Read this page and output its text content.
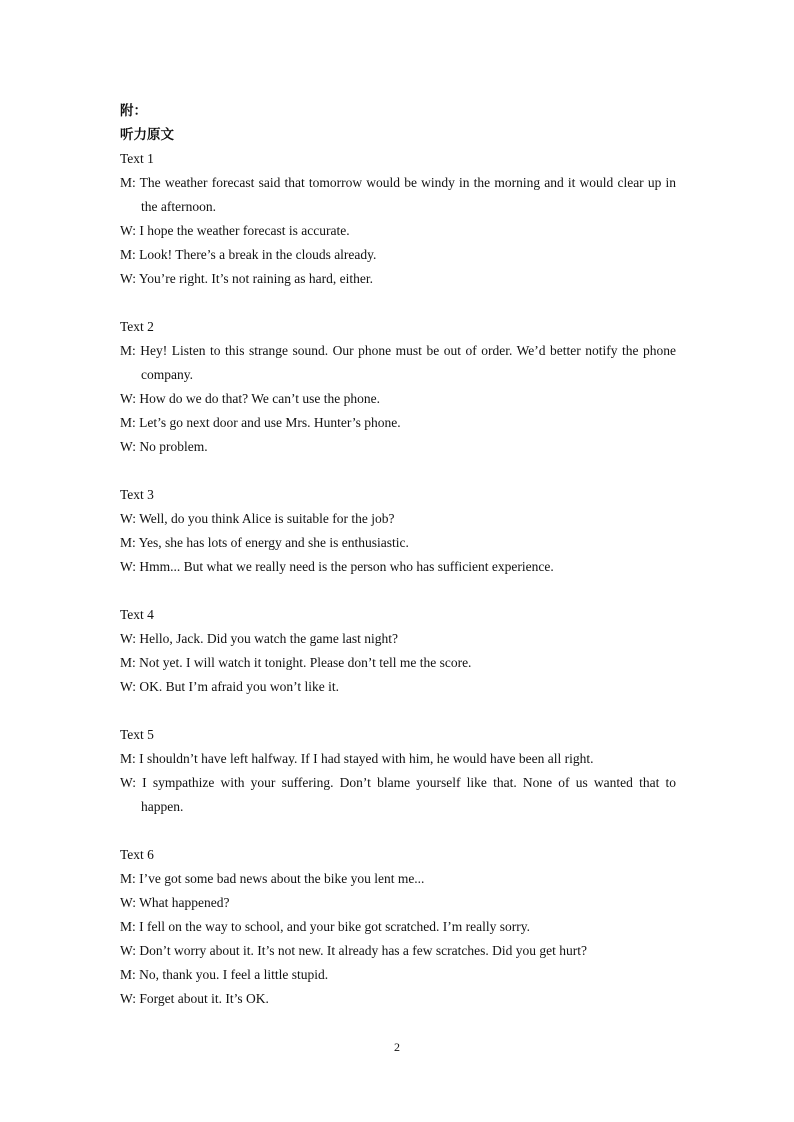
附：
听力原文
Text 1
M: The weather forecast said that tomorrow would be windy in the morning and it would clear up in the afternoon.
W: I hope the weather forecast is accurate.
M: Look! There’s a break in the clouds already.
W: You’re right. It’s not raining as hard, either.
Text 2
M: Hey! Listen to this strange sound. Our phone must be out of order. We’d better notify the phone company.
W: How do we do that? We can’t use the phone.
M: Let’s go next door and use Mrs. Hunter’s phone.
W: No problem.
Text 3
W: Well, do you think Alice is suitable for the job?
M: Yes, she has lots of energy and she is enthusiastic.
W: Hmm... But what we really need is the person who has sufficient experience.
Text 4
W: Hello, Jack. Did you watch the game last night?
M: Not yet. I will watch it tonight. Please don’t tell me the score.
W: OK. But I’m afraid you won’t like it.
Text 5
M: I shouldn’t have left halfway. If I had stayed with him, he would have been all right.
W: I sympathize with your suffering. Don’t blame yourself like that. None of us wanted that to happen.
Text 6
M: I’ve got some bad news about the bike you lent me...
W: What happened?
M: I fell on the way to school, and your bike got scratched. I’m really sorry.
W: Don’t worry about it. It’s not new. It already has a few scratches. Did you get hurt?
M: No, thank you. I feel a little stupid.
W: Forget about it. It’s OK.
2
